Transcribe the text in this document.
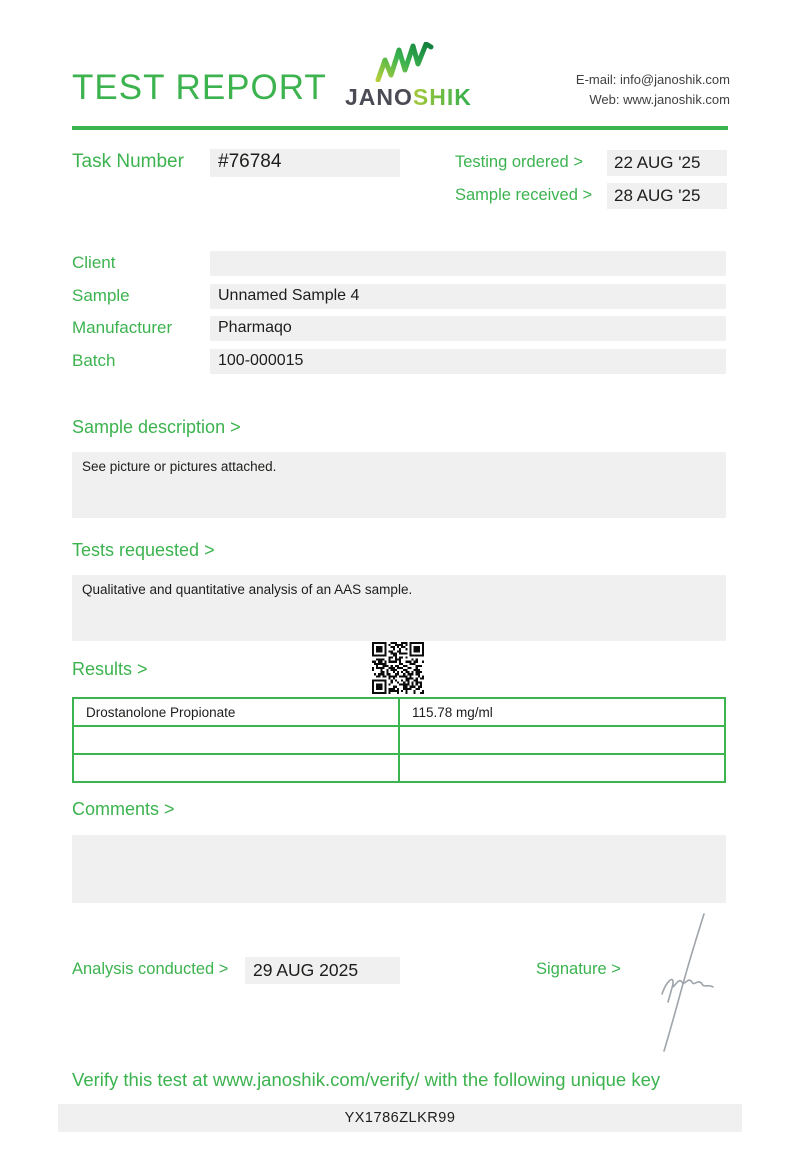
TEST REPORT JANOSHIK
E-mail: info@janoshik.com
Web: www.janoshik.com
Task Number #76784	Testing ordered > 22 AUG '25
Sample received > 28 AUG '25
Client
Sample	Unnamed Sample 4
Manufacturer	Pharmaqo
Batch	100-000015
Sample description >
See picture or pictures attached.
Tests requested >
Qualitative and quantitative analysis of an AAS sample.
Results >
Drostanolone Propionate	115.78 mg/ml

Comments >
Analysis conducted > 29 AUG 2025	Signature >
Verify this test at www.janoshik.com/verify/ with the following unique key
YX1786ZLKR99
